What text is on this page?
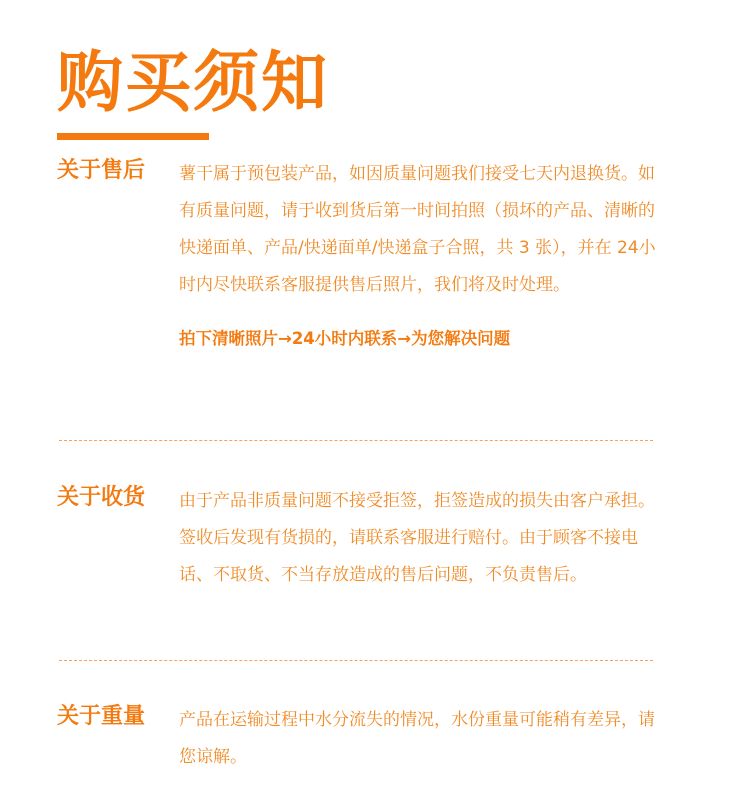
购买须知
关于售后 薯干属于预包装产品，如因质量问题我们接受七天内退换货。如有质量问题，请于收到货后第一时间拍照（损坏的产品、清晰的快递面单、产品/快递面单/快递盒子合照，共 3 张），并在 24小时内尽快联系客服提供售后照片，我们将及时处理。
拍下清晰照片→24小时内联系→为您解决问题

关于收货 由于产品非质量问题不接受拒签，拒签造成的损失由客户承担。签收后发现有货损的，请联系客服进行赔付。由于顾客不接电话、不取货、不当存放造成的售后问题，不负责售后。

关于重量 产品在运输过程中水分流失的情况，水份重量可能稍有差异，请您谅解。
